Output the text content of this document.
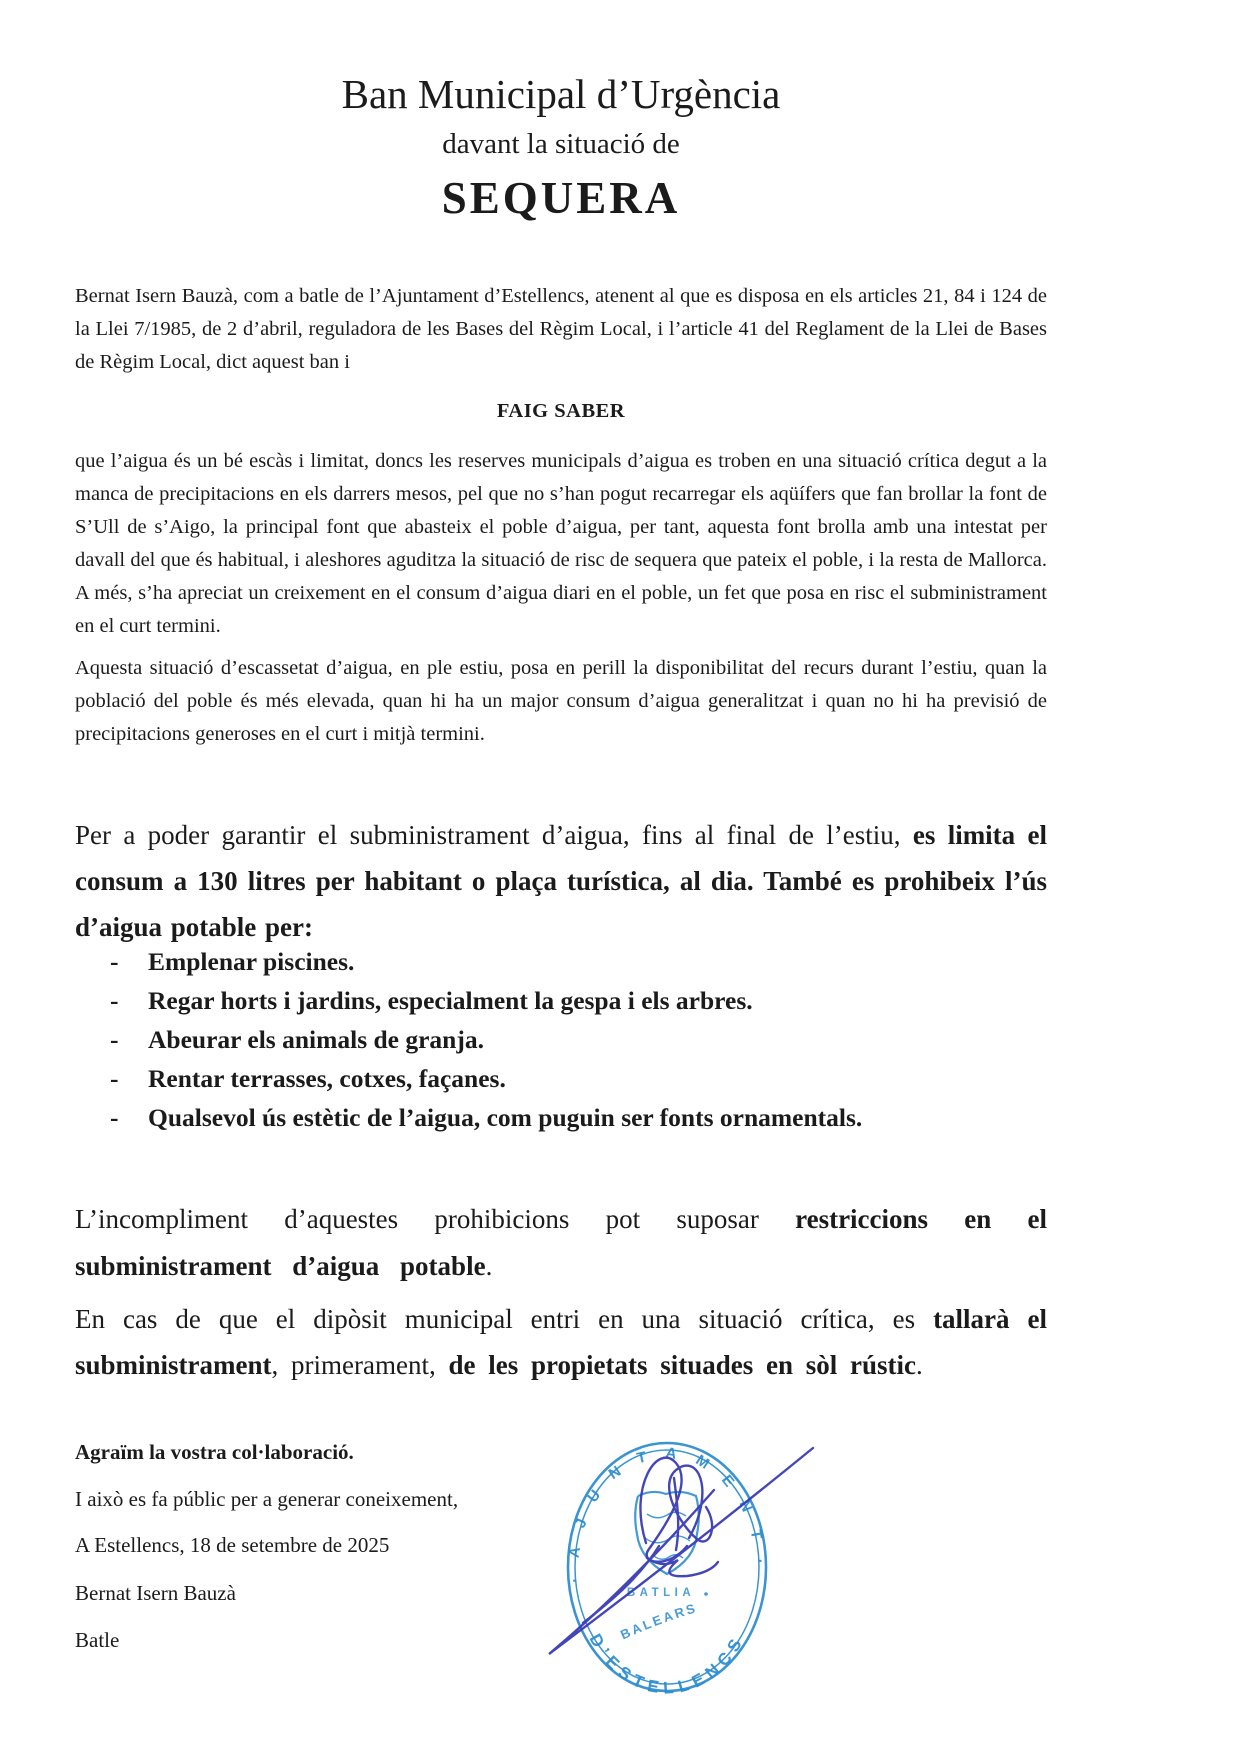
Ban Municipal d’Urgència
davant la situació de
SEQUERA

Bernat Isern Bauzà, com a batle de l’Ajuntament d’Estellencs, atenent al que es disposa en els articles 21, 84 i 124 de la Llei 7/1985, de 2 d’abril, reguladora de les Bases del Règim Local, i l’article 41 del Reglament de la Llei de Bases de Règim Local, dict aquest ban i

FAIG SABER

que l’aigua és un bé escàs i limitat, doncs les reserves municipals d’aigua es troben en una situació crítica degut a la manca de precipitacions en els darrers mesos, pel que no s’han pogut recarregar els aqüífers que fan brollar la font de S’Ull de s’Aigo, la principal font que abasteix el poble d’aigua, per tant, aquesta font brolla amb una intestat per davall del que és habitual, i aleshores aguditza la situació de risc de sequera que pateix el poble, i la resta de Mallorca. A més, s’ha apreciat un creixement en el consum d’aigua diari en el poble, un fet que posa en risc el subministrament en el curt termini.

Aquesta situació d’escassetat d’aigua, en ple estiu, posa en perill la disponibilitat del recurs durant l’estiu, quan la població del poble és més elevada, quan hi ha un major consum d’aigua generalitzat i quan no hi ha previsió de precipitacions generoses en el curt i mitjà termini.

Per a poder garantir el subministrament d’aigua, fins al final de l’estiu, es limita el consum a 130 litres per habitant o plaça turística, al dia. També es prohibeix l’ús d’aigua potable per:

- Emplenar piscines.
- Regar horts i jardins, especialment la gespa i els arbres.
- Abeurar els animals de granja.
- Rentar terrasses, cotxes, façanes.
- Qualsevol ús estètic de l’aigua, com puguin ser fonts ornamentals.

L’incompliment d’aquestes prohibicions pot suposar restriccions en el subministrament d’aigua potable.

En cas de que el dipòsit municipal entri en una situació crítica, es tallarà el subministrament, primerament, de les propietats situades en sòl rústic.

Agraïm la vostra col·laboració.
I això es fa públic per a generar coneixement,
A Estellencs, 18 de setembre de 2025
Bernat Isern Bauzà
Batle
·AJUNTAMENT·
D’ESTELLENCS
BATLIA
BALEARS
